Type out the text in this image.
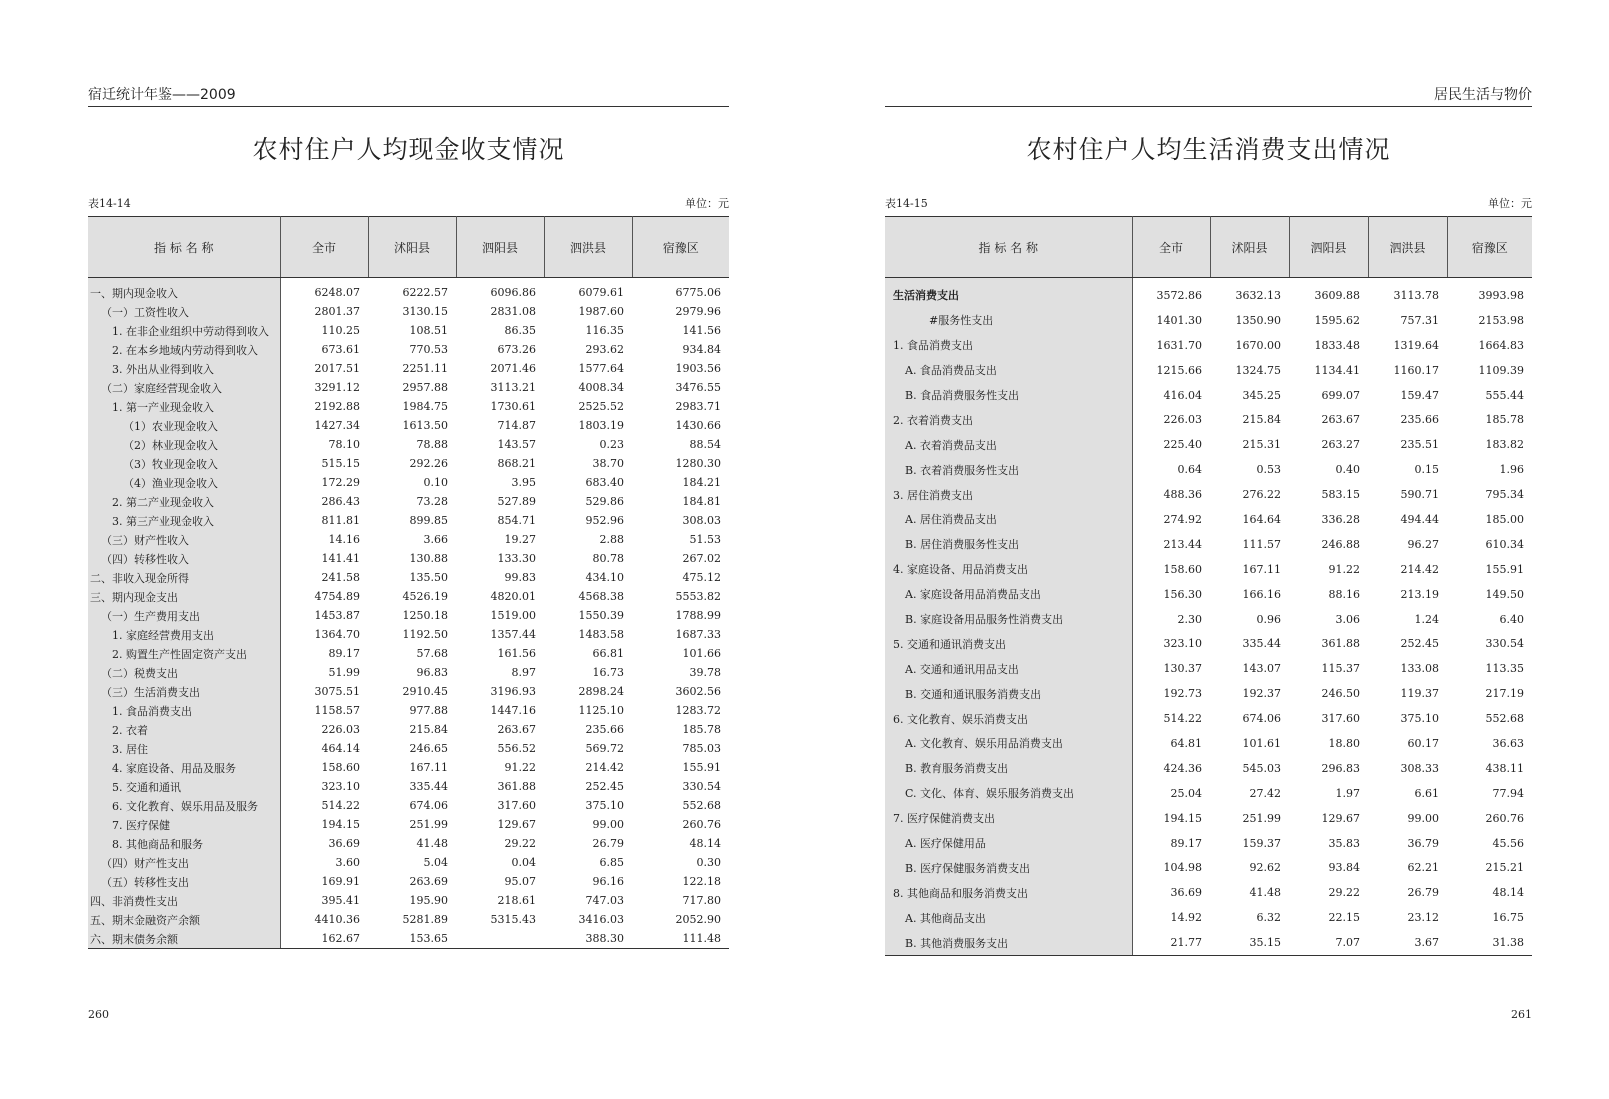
宿迁统计年鉴——2009
农村住户人均现金收支情况
表14-14	单位：元
指 标 名 称	全市	沭阳县	泗阳县	泗洪县	宿豫区
一、期内现金收入	6248.07	6222.57	6096.86	6079.61	6775.06
（一）工资性收入	2801.37	3130.15	2831.08	1987.60	2979.96
1. 在非企业组织中劳动得到收入	110.25	108.51	86.35	116.35	141.56
2. 在本乡地域内劳动得到收入	673.61	770.53	673.26	293.62	934.84
3. 外出从业得到收入	2017.51	2251.11	2071.46	1577.64	1903.56
（二）家庭经营现金收入	3291.12	2957.88	3113.21	4008.34	3476.55
1. 第一产业现金收入	2192.88	1984.75	1730.61	2525.52	2983.71
（1）农业现金收入	1427.34	1613.50	714.87	1803.19	1430.66
（2）林业现金收入	78.10	78.88	143.57	0.23	88.54
（3）牧业现金收入	515.15	292.26	868.21	38.70	1280.30
（4）渔业现金收入	172.29	0.10	3.95	683.40	184.21
2. 第二产业现金收入	286.43	73.28	527.89	529.86	184.81
3. 第三产业现金收入	811.81	899.85	854.71	952.96	308.03
（三）财产性收入	14.16	3.66	19.27	2.88	51.53
（四）转移性收入	141.41	130.88	133.30	80.78	267.02
二、非收入现金所得	241.58	135.50	99.83	434.10	475.12
三、期内现金支出	4754.89	4526.19	4820.01	4568.38	5553.82
（一）生产费用支出	1453.87	1250.18	1519.00	1550.39	1788.99
1. 家庭经营费用支出	1364.70	1192.50	1357.44	1483.58	1687.33
2. 购置生产性固定资产支出	89.17	57.68	161.56	66.81	101.66
（二）税费支出	51.99	96.83	8.97	16.73	39.78
（三）生活消费支出	3075.51	2910.45	3196.93	2898.24	3602.56
1. 食品消费支出	1158.57	977.88	1447.16	1125.10	1283.72
2. 衣着	226.03	215.84	263.67	235.66	185.78
3. 居住	464.14	246.65	556.52	569.72	785.03
4. 家庭设备、用品及服务	158.60	167.11	91.22	214.42	155.91
5. 交通和通讯	323.10	335.44	361.88	252.45	330.54
6. 文化教育、娱乐用品及服务	514.22	674.06	317.60	375.10	552.68
7. 医疗保健	194.15	251.99	129.67	99.00	260.76
8. 其他商品和服务	36.69	41.48	29.22	26.79	48.14
（四）财产性支出	3.60	5.04	0.04	6.85	0.30
（五）转移性支出	169.91	263.69	95.07	96.16	122.18
四、非消费性支出	395.41	195.90	218.61	747.03	717.80
五、期末金融资产余额	4410.36	5281.89	5315.43	3416.03	2052.90
六、期末债务余额	162.67	153.65		388.30	111.48
260
居民生活与物价
农村住户人均生活消费支出情况
表14-15	单位：元
指 标 名 称	全市	沭阳县	泗阳县	泗洪县	宿豫区
生活消费支出	3572.86	3632.13	3609.88	3113.78	3993.98
#服务性支出	1401.30	1350.90	1595.62	757.31	2153.98
1. 食品消费支出	1631.70	1670.00	1833.48	1319.64	1664.83
A. 食品消费品支出	1215.66	1324.75	1134.41	1160.17	1109.39
B. 食品消费服务性支出	416.04	345.25	699.07	159.47	555.44
2. 衣着消费支出	226.03	215.84	263.67	235.66	185.78
A. 衣着消费品支出	225.40	215.31	263.27	235.51	183.82
B. 衣着消费服务性支出	0.64	0.53	0.40	0.15	1.96
3. 居住消费支出	488.36	276.22	583.15	590.71	795.34
A. 居住消费品支出	274.92	164.64	336.28	494.44	185.00
B. 居住消费服务性支出	213.44	111.57	246.88	96.27	610.34
4. 家庭设备、用品消费支出	158.60	167.11	91.22	214.42	155.91
A. 家庭设备用品消费品支出	156.30	166.16	88.16	213.19	149.50
B. 家庭设备用品服务性消费支出	2.30	0.96	3.06	1.24	6.40
5. 交通和通讯消费支出	323.10	335.44	361.88	252.45	330.54
A. 交通和通讯用品支出	130.37	143.07	115.37	133.08	113.35
B. 交通和通讯服务消费支出	192.73	192.37	246.50	119.37	217.19
6. 文化教育、娱乐消费支出	514.22	674.06	317.60	375.10	552.68
A. 文化教育、娱乐用品消费支出	64.81	101.61	18.80	60.17	36.63
B. 教育服务消费支出	424.36	545.03	296.83	308.33	438.11
C. 文化、体育、娱乐服务消费支出	25.04	27.42	1.97	6.61	77.94
7. 医疗保健消费支出	194.15	251.99	129.67	99.00	260.76
A. 医疗保健用品	89.17	159.37	35.83	36.79	45.56
B. 医疗保健服务消费支出	104.98	92.62	93.84	62.21	215.21
8. 其他商品和服务消费支出	36.69	41.48	29.22	26.79	48.14
A. 其他商品支出	14.92	6.32	22.15	23.12	16.75
B. 其他消费服务支出	21.77	35.15	7.07	3.67	31.38
261
